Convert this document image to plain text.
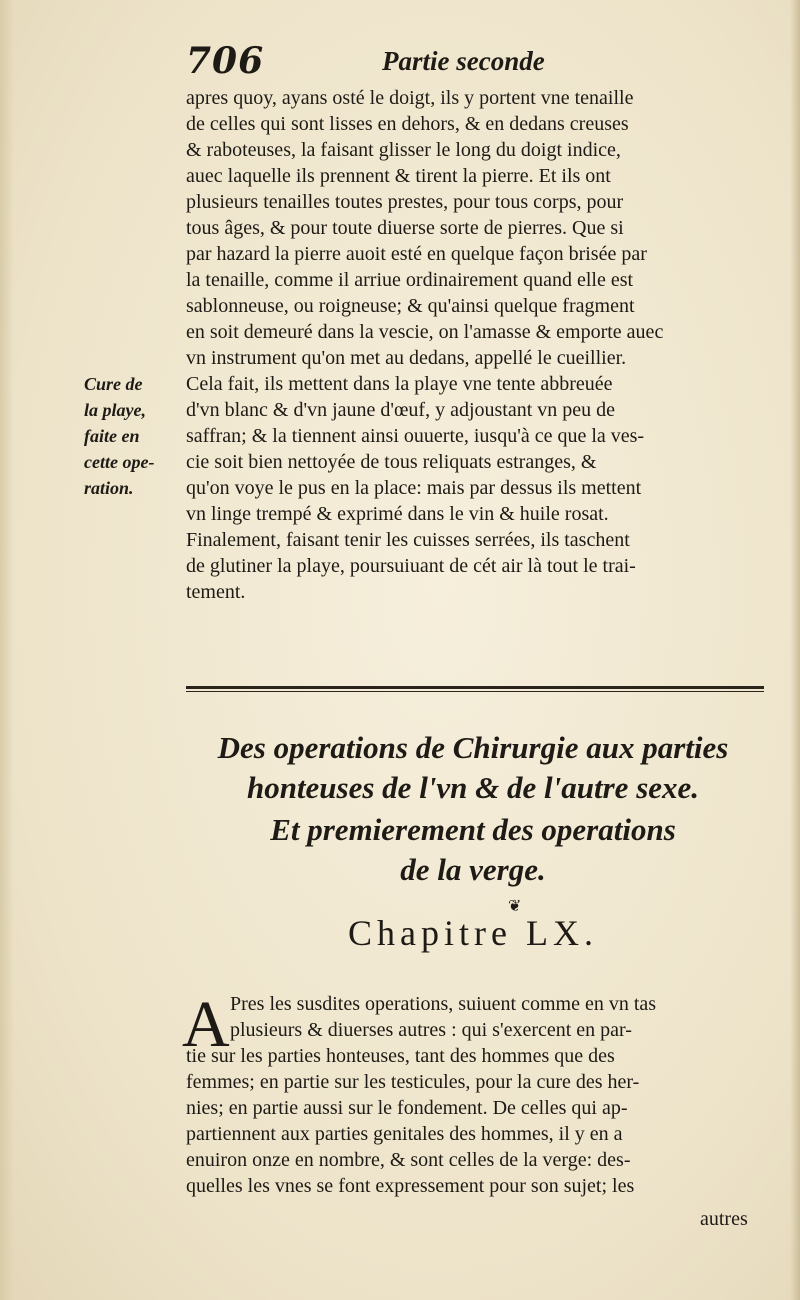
706	Partie seconde
apres quoy, ayans osté le doigt, ils y portent vne tenaille
de celles qui sont lisses en dehors, & en dedans creuses
& raboteuses, la faisant glisser le long du doigt indice,
auec laquelle ils prennent & tirent la pierre. Et ils ont
plusieurs tenailles toutes prestes, pour tous corps, pour
tous âges, & pour toute diuerse sorte de pierres. Que si
par hazard la pierre auoit esté en quelque façon brisée par
la tenaille, comme il arriue ordinairement quand elle est
sablonneuse, ou roigneuse; & qu'ainsi quelque fragment
en soit demeuré dans la vescie, on l'amasse & emporte auec
vn instrument qu'on met au dedans, appellé le cueillier.
Cela fait, ils mettent dans la playe vne tente abbreuée
d'vn blanc & d'vn jaune d'œuf, y adjoustant vn peu de
saffran; & la tiennent ainsi ouuerte, iusqu'à ce que la ves-
cie soit bien nettoyée de tous reliquats estranges, &
qu'on voye le pus en la place: mais par dessus ils mettent
vn linge trempé & exprimé dans le vin & huile rosat.
Finalement, faisant tenir les cuisses serrées, ils taschent
de glutiner la playe, poursuiuant de cét air là tout le trai-
tement.
Cure de
la playe,
faite en
cette ope-
ration.
Des operations de Chirurgie aux parties
honteuses de l'vn & de l'autre sexe.
Et premierement des operations
de la verge.
❦
Chapitre LX.
A Pres les susdites operations, suiuent comme en vn tas
plusieurs & diuerses autres : qui s'exercent en par-
tie sur les parties honteuses, tant des hommes que des
femmes; en partie sur les testicules, pour la cure des her-
nies; en partie aussi sur le fondement. De celles qui ap-
partiennent aux parties genitales des hommes, il y en a
enuiron onze en nombre, & sont celles de la verge: des-
quelles les vnes se font expressement pour son sujet; les
autres
